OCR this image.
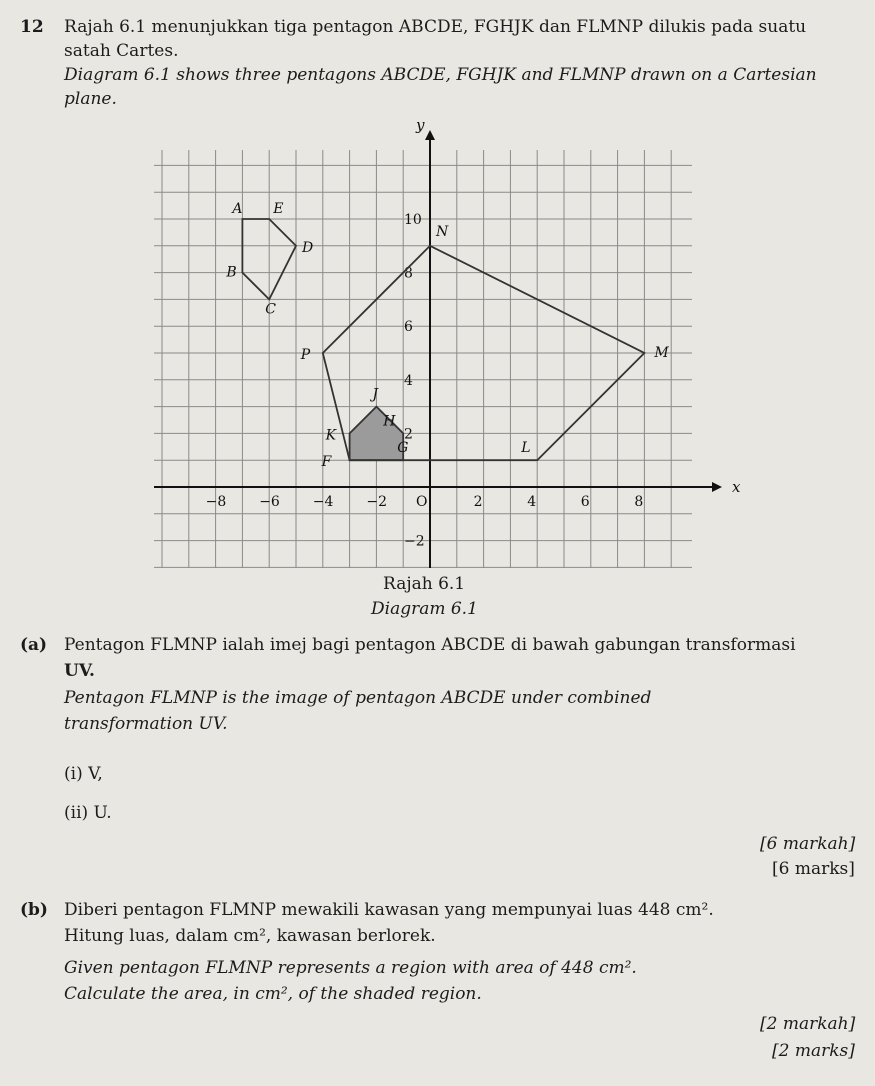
12 Rajah 6.1 menunjukkan tiga pentagon ABCDE, FGHJK dan FLMNP dilukis pada suatu
satah Cartes.
Diagram 6.1 shows three pentagons ABCDE, FGHJK and FLMNP drawn on a Cartesian
plane.
x
y
−8 −6 −4 −2 O	2	4	6	8
10
8
6
4
2
−2
A
B
C
D
E
F
G
H
J
K
L
M
N
P
Rajah 6.1
Diagram 6.1
(a) Pentagon FLMNP ialah imej bagi pentagon ABCDE di bawah gabungan transformasi
UV.
Pentagon FLMNP is the image of pentagon ABCDE under combined
transformation UV.
(i) V,
(ii) U.
[6 markah]
[6 marks]
(b) Diberi pentagon FLMNP mewakili kawasan yang mempunyai luas 448 cm².
Hitung luas, dalam cm², kawasan berlorek.
Given pentagon FLMNP represents a region with area of 448 cm².
Calculate the area, in cm², of the shaded region.
[2 markah]
[2 marks]
